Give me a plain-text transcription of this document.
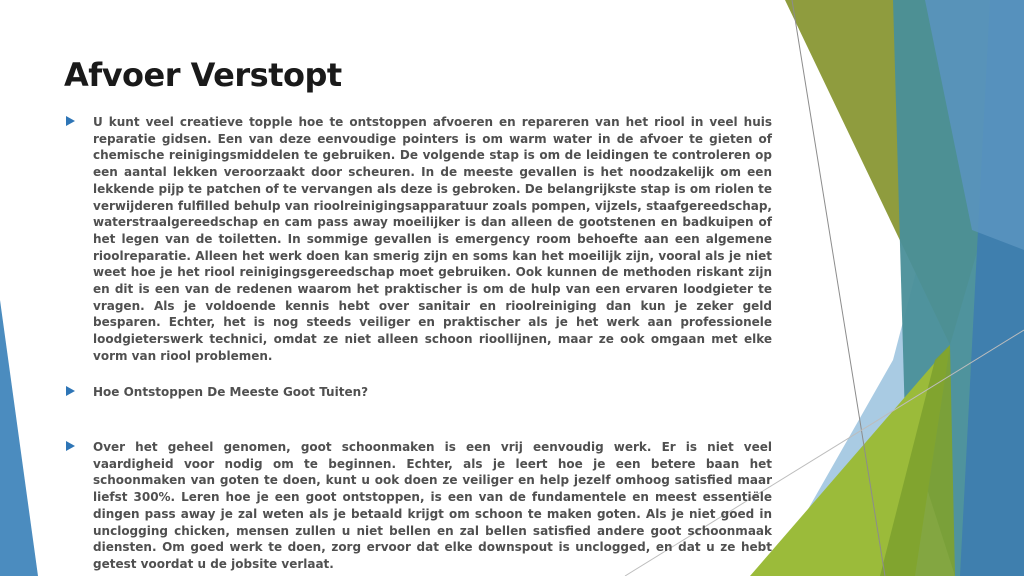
Afvoer Verstopt

U kunt veel creatieve topple hoe te ontstoppen afvoeren en repareren van het riool in veel huis reparatie gidsen. Een van deze eenvoudige pointers is om warm water in de afvoer te gieten of chemische reinigingsmiddelen te gebruiken. De volgende stap is om de leidingen te controleren op een aantal lekken veroorzaakt door scheuren. In de meeste gevallen is het noodzakelijk om een lekkende pijp te patchen of te vervangen als deze is gebroken. De belangrijkste stap is om riolen te verwijderen fulfilled behulp van rioolreinigingsapparatuur zoals pompen, vijzels, staafgereedschap, waterstraalgereedschap en cam pass away moeilijker is dan alleen de gootstenen en badkuipen of het legen van de toiletten. In sommige gevallen is emergency room behoefte aan een algemene rioolreparatie. Alleen het werk doen kan smerig zijn en soms kan het moeilijk zijn, vooral als je niet weet hoe je het riool reinigingsgereedschap moet gebruiken. Ook kunnen de methoden riskant zijn en dit is een van de redenen waarom het praktischer is om de hulp van een ervaren loodgieter te vragen. Als je voldoende kennis hebt over sanitair en rioolreiniging dan kun je zeker geld besparen. Echter, het is nog steeds veiliger en praktischer als je het werk aan professionele loodgieterswerk technici, omdat ze niet alleen schoon rioollijnen, maar ze ook omgaan met elke vorm van riool problemen.

Hoe Ontstoppen De Meeste Goot Tuiten?

Over het geheel genomen, goot schoonmaken is een vrij eenvoudig werk. Er is niet veel vaardigheid voor nodig om te beginnen. Echter, als je leert hoe je een betere baan het schoonmaken van goten te doen, kunt u ook doen ze veiliger en help jezelf omhoog satisfied maar liefst 300%. Leren hoe je een goot ontstoppen, is een van de fundamentele en meest essentiële dingen pass away je zal weten als je betaald krijgt om schoon te maken goten. Als je niet goed in unclogging chicken, mensen zullen u niet bellen en zal bellen satisfied andere goot schoonmaak diensten. Om goed werk te doen, zorg ervoor dat elke downspout is unclogged, en dat u ze hebt getest voordat u de jobsite verlaat.
